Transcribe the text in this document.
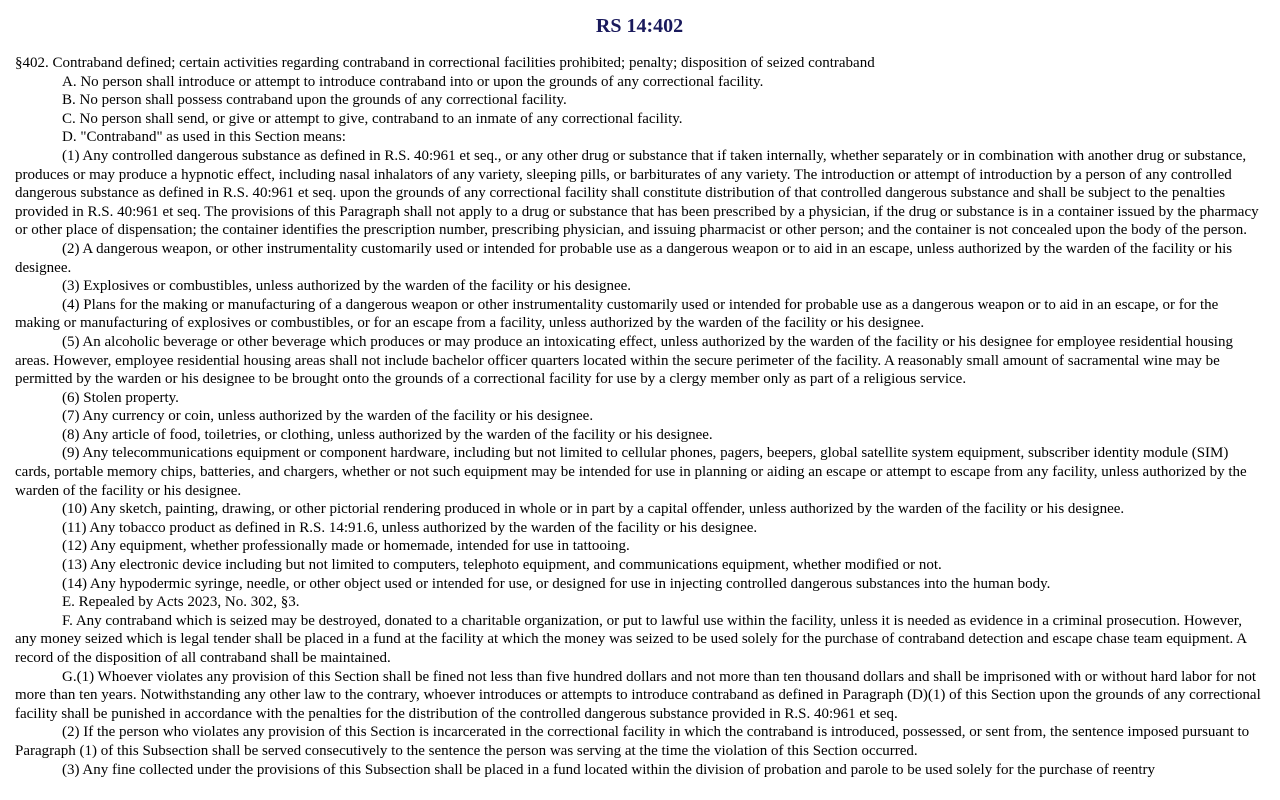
RS 14:402
§402. Contraband defined; certain activities regarding contraband in correctional facilities prohibited; penalty; disposition of seized contraband
A. No person shall introduce or attempt to introduce contraband into or upon the grounds of any correctional facility.
B. No person shall possess contraband upon the grounds of any correctional facility.
C. No person shall send, or give or attempt to give, contraband to an inmate of any correctional facility.
D. "Contraband" as used in this Section means:
(1) Any controlled dangerous substance as defined in R.S. 40:961 et seq., or any other drug or substance that if taken internally, whether separately or in combination with another drug or substance, produces or may produce a hypnotic effect, including nasal inhalators of any variety, sleeping pills, or barbiturates of any variety. The introduction or attempt of introduction by a person of any controlled dangerous substance as defined in R.S. 40:961 et seq. upon the grounds of any correctional facility shall constitute distribution of that controlled dangerous substance and shall be subject to the penalties provided in R.S. 40:961 et seq. The provisions of this Paragraph shall not apply to a drug or substance that has been prescribed by a physician, if the drug or substance is in a container issued by the pharmacy or other place of dispensation; the container identifies the prescription number, prescribing physician, and issuing pharmacist or other person; and the container is not concealed upon the body of the person.
(2) A dangerous weapon, or other instrumentality customarily used or intended for probable use as a dangerous weapon or to aid in an escape, unless authorized by the warden of the facility or his designee.
(3) Explosives or combustibles, unless authorized by the warden of the facility or his designee.
(4) Plans for the making or manufacturing of a dangerous weapon or other instrumentality customarily used or intended for probable use as a dangerous weapon or to aid in an escape, or for the making or manufacturing of explosives or combustibles, or for an escape from a facility, unless authorized by the warden of the facility or his designee.
(5) An alcoholic beverage or other beverage which produces or may produce an intoxicating effect, unless authorized by the warden of the facility or his designee for employee residential housing areas. However, employee residential housing areas shall not include bachelor officer quarters located within the secure perimeter of the facility. A reasonably small amount of sacramental wine may be permitted by the warden or his designee to be brought onto the grounds of a correctional facility for use by a clergy member only as part of a religious service.
(6) Stolen property.
(7) Any currency or coin, unless authorized by the warden of the facility or his designee.
(8) Any article of food, toiletries, or clothing, unless authorized by the warden of the facility or his designee.
(9) Any telecommunications equipment or component hardware, including but not limited to cellular phones, pagers, beepers, global satellite system equipment, subscriber identity module (SIM) cards, portable memory chips, batteries, and chargers, whether or not such equipment may be intended for use in planning or aiding an escape or attempt to escape from any facility, unless authorized by the warden of the facility or his designee.
(10) Any sketch, painting, drawing, or other pictorial rendering produced in whole or in part by a capital offender, unless authorized by the warden of the facility or his designee.
(11) Any tobacco product as defined in R.S. 14:91.6, unless authorized by the warden of the facility or his designee.
(12) Any equipment, whether professionally made or homemade, intended for use in tattooing.
(13) Any electronic device including but not limited to computers, telephoto equipment, and communications equipment, whether modified or not.
(14) Any hypodermic syringe, needle, or other object used or intended for use, or designed for use in injecting controlled dangerous substances into the human body.
E. Repealed by Acts 2023, No. 302, §3.
F. Any contraband which is seized may be destroyed, donated to a charitable organization, or put to lawful use within the facility, unless it is needed as evidence in a criminal prosecution. However, any money seized which is legal tender shall be placed in a fund at the facility at which the money was seized to be used solely for the purchase of contraband detection and escape chase team equipment. A record of the disposition of all contraband shall be maintained.
G.(1) Whoever violates any provision of this Section shall be fined not less than five hundred dollars and not more than ten thousand dollars and shall be imprisoned with or without hard labor for not more than ten years. Notwithstanding any other law to the contrary, whoever introduces or attempts to introduce contraband as defined in Paragraph (D)(1) of this Section upon the grounds of any correctional facility shall be punished in accordance with the penalties for the distribution of the controlled dangerous substance provided in R.S. 40:961 et seq.
(2) If the person who violates any provision of this Section is incarcerated in the correctional facility in which the contraband is introduced, possessed, or sent from, the sentence imposed pursuant to Paragraph (1) of this Subsection shall be served consecutively to the sentence the person was serving at the time the violation of this Section occurred.
(3) Any fine collected under the provisions of this Subsection shall be placed in a fund located within the division of probation and parole to be used solely for the purchase of reentry
